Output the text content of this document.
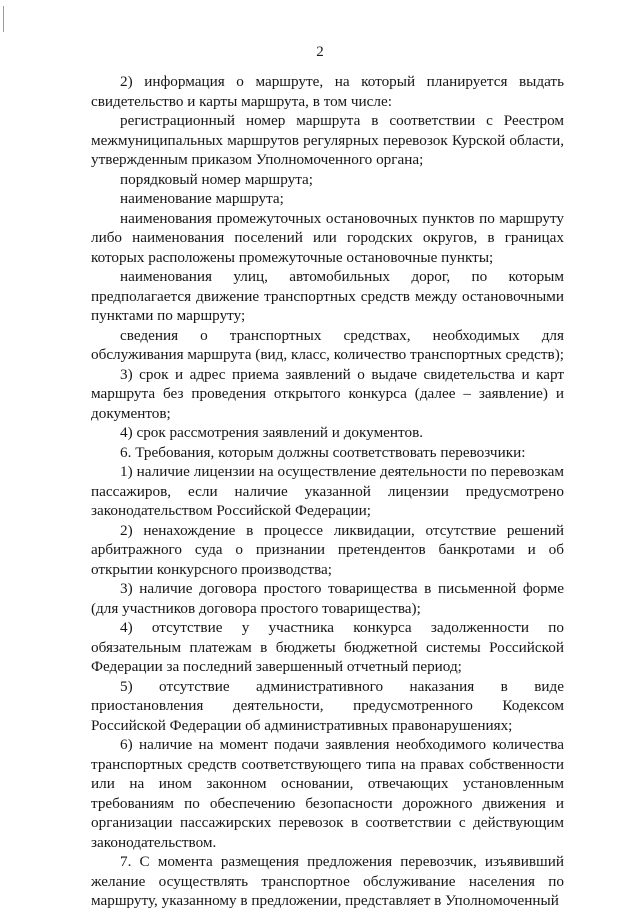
2

2) информация о маршруте, на который планируется выдать свидетельство и карты маршрута, в том числе:

регистрационный номер маршрута в соответствии с Реестром межмуниципальных маршрутов регулярных перевозок Курской области, утвержденным приказом Уполномоченного органа;

порядковый номер маршрута;

наименование маршрута;

наименования промежуточных остановочных пунктов по маршруту либо наименования поселений или городских округов, в границах которых расположены промежуточные остановочные пункты;

наименования улиц, автомобильных дорог, по которым предполагается движение транспортных средств между остановочными пунктами по маршруту;

сведения о транспортных средствах, необходимых для обслуживания маршрута (вид, класс, количество транспортных средств);

3) срок и адрес приема заявлений о выдаче свидетельства и карт маршрута без проведения открытого конкурса (далее – заявление) и документов;

4) срок рассмотрения заявлений и документов.

6. Требования, которым должны соответствовать перевозчики:

1) наличие лицензии на осуществление деятельности по перевозкам пассажиров, если наличие указанной лицензии предусмотрено законодательством Российской Федерации;

2) ненахождение в процессе ликвидации, отсутствие решений арбитражного суда о признании претендентов банкротами и об открытии конкурсного производства;

3) наличие договора простого товарищества в письменной форме (для участников договора простого товарищества);

4) отсутствие у участника конкурса задолженности по обязательным платежам в бюджеты бюджетной системы Российской Федерации за последний завершенный отчетный период;

5) отсутствие административного наказания в виде приостановления деятельности, предусмотренного Кодексом Российской Федерации об административных правонарушениях;

6) наличие на момент подачи заявления необходимого количества транспортных средств соответствующего типа на правах собственности или на ином законном основании, отвечающих установленным требованиям по обеспечению безопасности дорожного движения и организации пассажирских перевозок в соответствии с действующим законодательством.

7. С момента размещения предложения перевозчик, изъявивший желание осуществлять транспортное обслуживание населения по маршруту, указанному в предложении, представляет в Уполномоченный
